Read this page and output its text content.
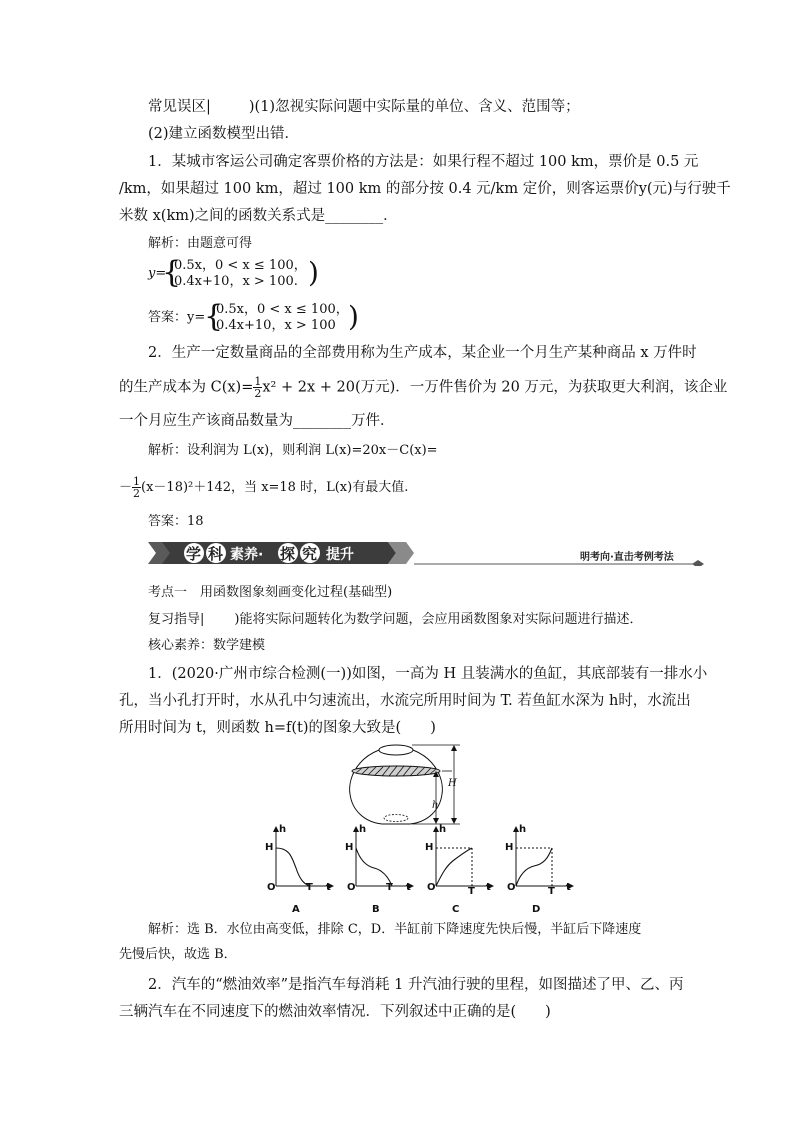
常见误区|	)(1)忽视实际问题中实际量的单位、含义、范围等；
(2)建立函数模型出错．
1．某城市客运公司确定客票价格的方法是：如果行程不超过 100 km，票价是 0.5 元
/km，如果超过 100 km，超过 100 km 的部分按 0.4 元/km 定价，则客运票价y(元)与行驶千
米数 x(km)之间的函数关系式是________．
解析：由题意可得
y=
{
0.5x，0 < x ≤ 100，
0.4x+10，x > 100. )
答案：y=
{
0.5x，0 < x ≤ 100，
0.4x+10，x > 100 )
2．生产一定数量商品的全部费用称为生产成本，某企业一个月生产某种商品 x 万件时
的生产成本为 $C(x)= \frac{1}{2} x^2 + 2x + 20$(万元)．一万件售价为 20 万元，为获取更大利润，该企业
一个月应生产该商品数量为________万件．
解析：设利润为 L(x)，则利润 L(x)=20x－C(x)=
－ $\frac{1}{2} (x-18)^2+142$，当 x=18 时，L(x)有最大值.
答案：18
学 科 素养· 探 究 提升	明考向·直击考例考法
考点一　用函数图象刻画变化过程(基础型)
复习指导| )能将实际问题转化为数学问题，会应用函数图象对实际问题进行描述．
核心素养：数学建模
1．(2020·广州市综合检测(一))如图，一高为 H 且装满水的鱼缸，其底部装有一排水小
孔，当小孔打开时，水从孔中匀速流出，水流完所用时间为 T. 若鱼缸水深为 h时，水流出
所用时间为 t，则函数 h=f(t)的图象大致是(　　)
H
h
h
H
O	T t
h
H
O	T t
h
H
O	T t
h
H
O	T t
A	B	C	D
解析：选 B．水位由高变低，排除 C，D．半缸前下降速度先快后慢，半缸后下降速度
先慢后快，故选 B．
2．汽车的“燃油效率”是指汽车每消耗 1 升汽油行驶的里程，如图描述了甲、乙、丙
三辆汽车在不同速度下的燃油效率情况．下列叙述中正确的是(　　)
